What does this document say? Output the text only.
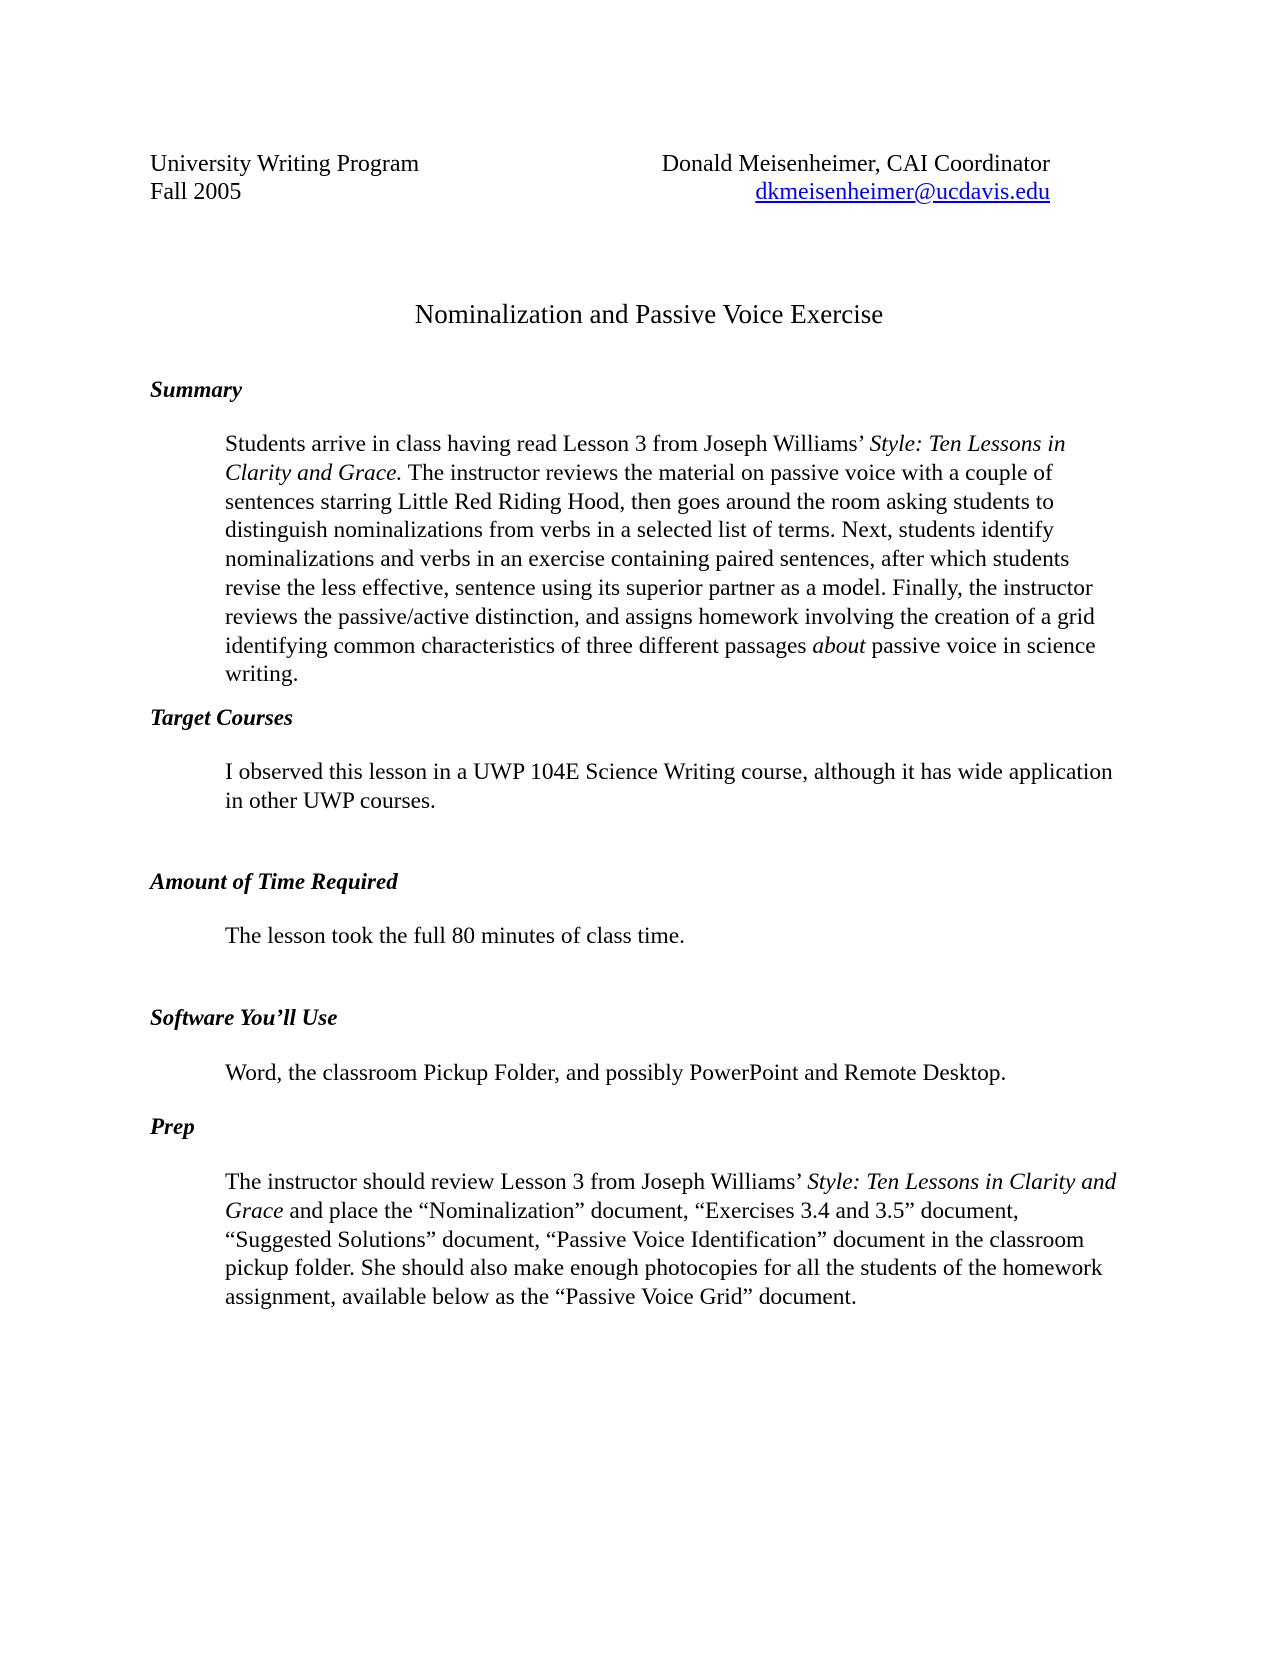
University Writing Program
Fall 2005
Donald Meisenheimer, CAI Coordinator
dkmeisenheimer@ucdavis.edu
Nominalization and Passive Voice Exercise
Summary
Students arrive in class having read Lesson 3 from Joseph Williams’ Style: Ten Lessons in Clarity and Grace. The instructor reviews the material on passive voice with a couple of sentences starring Little Red Riding Hood, then goes around the room asking students to distinguish nominalizations from verbs in a selected list of terms. Next, students identify nominalizations and verbs in an exercise containing paired sentences, after which students revise the less effective, sentence using its superior partner as a model. Finally, the instructor reviews the passive/active distinction, and assigns homework involving the creation of a grid identifying common characteristics of three different passages about passive voice in science writing.
Target Courses
I observed this lesson in a UWP 104E Science Writing course, although it has wide application in other UWP courses.
Amount of Time Required
The lesson took the full 80 minutes of class time.
Software You’ll Use
Word, the classroom Pickup Folder, and possibly PowerPoint and Remote Desktop.
Prep
The instructor should review Lesson 3 from Joseph Williams’ Style: Ten Lessons in Clarity and Grace and place the “Nominalization” document, “Exercises 3.4 and 3.5” document, “Suggested Solutions” document, “Passive Voice Identification” document in the classroom pickup folder. She should also make enough photocopies for all the students of the homework assignment, available below as the “Passive Voice Grid” document.
